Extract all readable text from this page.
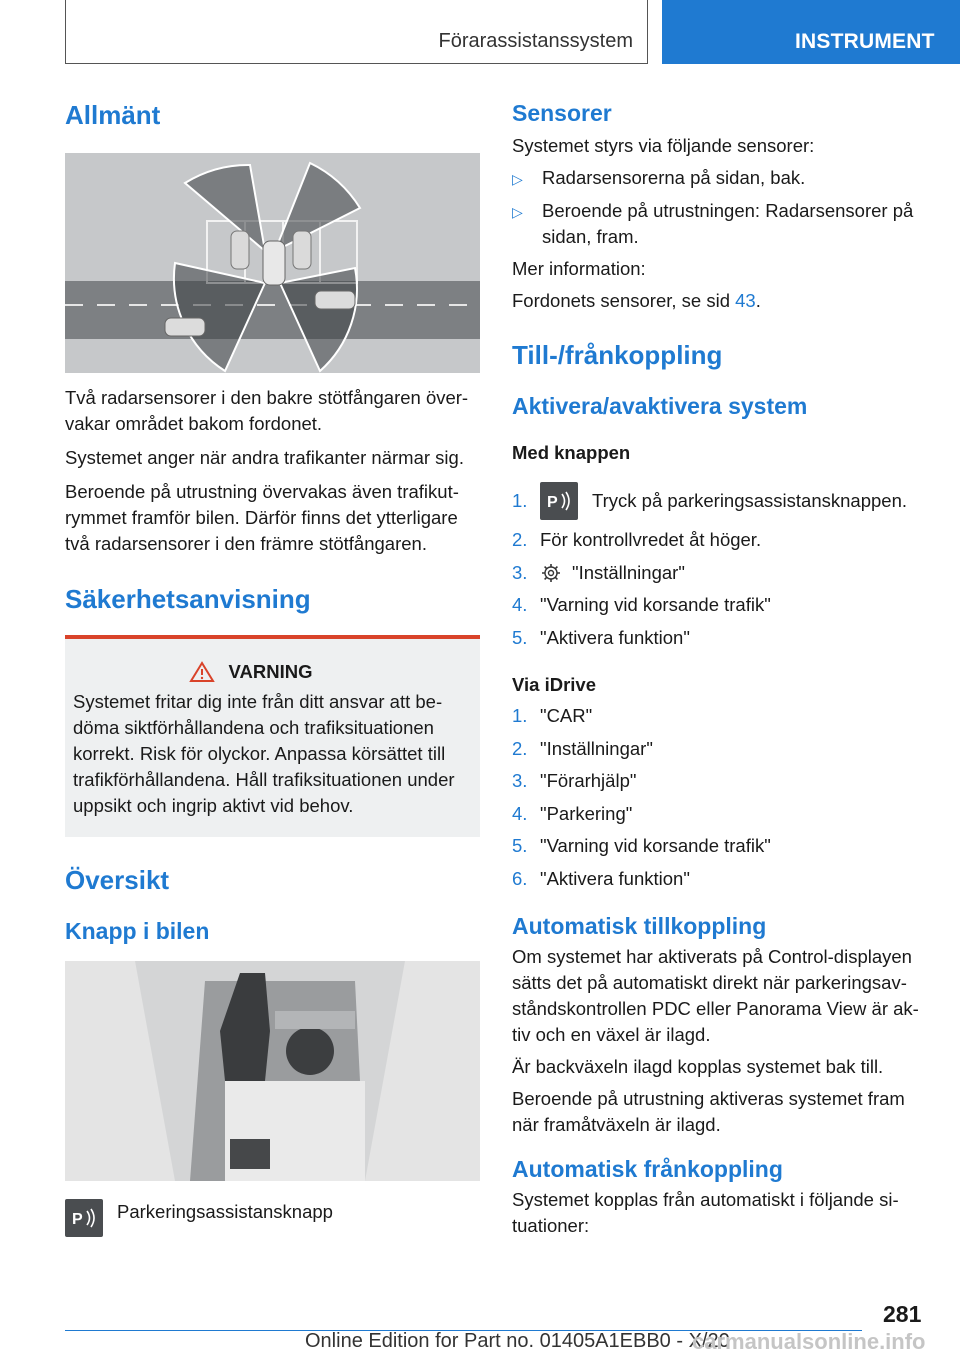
Förarassistanssystem	INSTRUMENT
Allmänt

Två radarsensorer i den bakre stötfångaren över-vakar området bakom fordonet.

Systemet anger när andra trafikanter närmar sig.

Beroende på utrustning övervakas även trafikut-rymmet framför bilen. Därför finns det ytterligare två radarsensorer i den främre stötfångaren.

Säkerhetsanvisning
VARNING

Systemet fritar dig inte från ditt ansvar att be-döma siktförhållandena och trafiksituationen korrekt. Risk för olyckor. Anpassa körsättet till trafikförhållandena. Håll trafiksituationen under uppsikt och ingrip aktivt vid behov.

Översikt
Knapp i bilen
P Parkeringsassistansknapp
Sensorer

Systemet styrs via följande sensorer:

▷	Radarsensorerna på sidan, bak.
▷	Beroende på utrustningen: Radarsensorer på sidan, fram.

Mer information:

Fordonets sensorer, se sid 43.

Till-/frånkoppling
Aktivera/avaktivera system

Med knappen

1.	P Tryck på parkeringsassistansknappen.
2. För kontrollvredet åt höger.
3.	"Inställningar"
4. "Varning vid korsande trafik"
5. "Aktivera funktion"

Via iDrive

1. "CAR"
2. "Inställningar"
3. "Förarhjälp"
4. "Parkering"
5. "Varning vid korsande trafik"
6. "Aktivera funktion"
Automatisk tillkoppling

Om systemet har aktiverats på Control-displayen sätts det på automatiskt direkt när parkeringsav-ståndskontrollen PDC eller Panorama View är ak-tiv och en växel är ilagd.

Är backväxeln ilagd kopplas systemet bak till.

Beroende på utrustning aktiveras systemet fram när framåtväxeln är ilagd.

Automatisk frånkoppling

Systemet kopplas från automatiskt i följande si-tuationer:

281
Online Edition for Part no. 01405A1EBB0 - X/20
carmanualsonline.info
